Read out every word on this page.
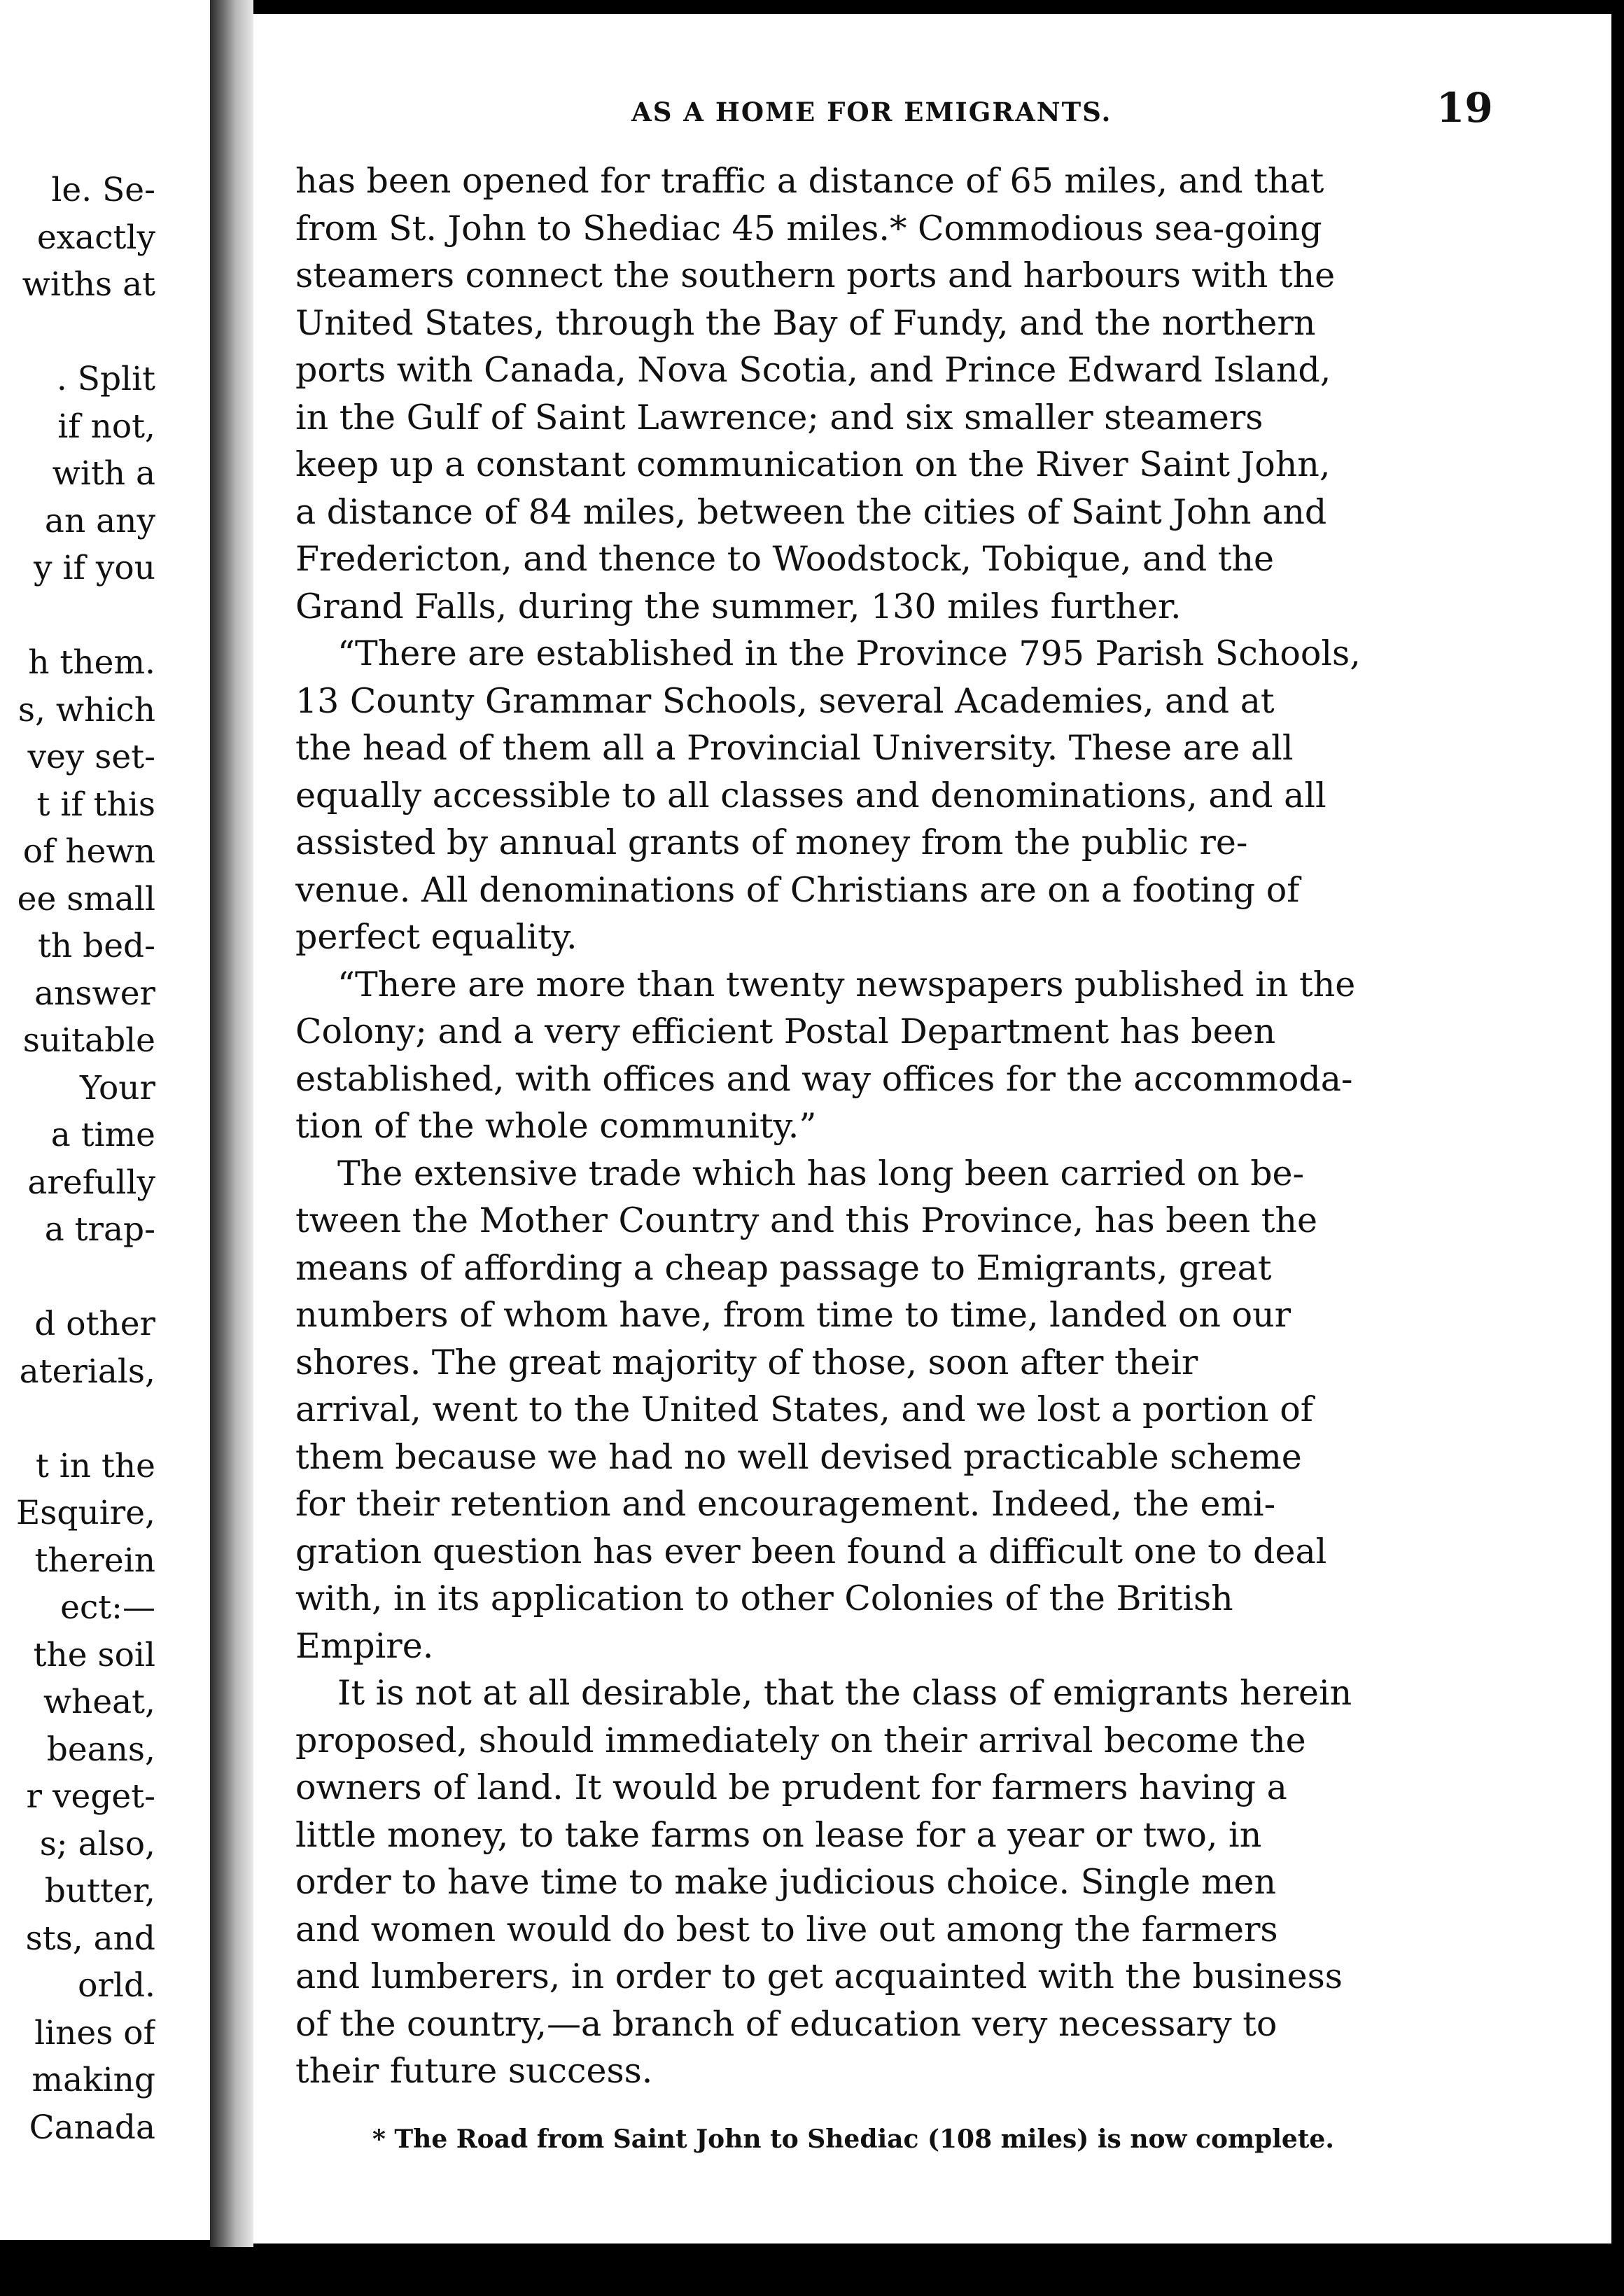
le. Se-
exactly
withs at
. Split
if not,
with a
an any
y if you
h them.
s, which
vey set-
t if this
of hewn
ee small
th bed-
answer
suitable
Your
a time
arefully
a trap-
d other
aterials,
t in the
Esquire,
therein
ect:—
the soil
wheat,
beans,
r veget-
s; also,
butter,
sts, and
orld.
lines of
making
Canada
AS A HOME FOR EMIGRANTS.	19
has been opened for traffic a distance of 65 miles, and that
from St. John to Shediac 45 miles.* Commodious sea-going
steamers connect the southern ports and harbours with the
United States, through the Bay of Fundy, and the northern
ports with Canada, Nova Scotia, and Prince Edward Island,
in the Gulf of Saint Lawrence; and six smaller steamers
keep up a constant communication on the River Saint John,
a distance of 84 miles, between the cities of Saint John and
Fredericton, and thence to Woodstock, Tobique, and the
Grand Falls, during the summer, 130 miles further.
“There are established in the Province 795 Parish Schools,
13 County Grammar Schools, several Academies, and at
the head of them all a Provincial University. These are all
equally accessible to all classes and denominations, and all
assisted by annual grants of money from the public re-
venue. All denominations of Christians are on a footing of
perfect equality.
“There are more than twenty newspapers published in the
Colony; and a very efficient Postal Department has been
established, with offices and way offices for the accommoda-
tion of the whole community.”
The extensive trade which has long been carried on be-
tween the Mother Country and this Province, has been the
means of affording a cheap passage to Emigrants, great
numbers of whom have, from time to time, landed on our
shores. The great majority of those, soon after their
arrival, went to the United States, and we lost a portion of
them because we had no well devised practicable scheme
for their retention and encouragement. Indeed, the emi-
gration question has ever been found a difficult one to deal
with, in its application to other Colonies of the British
Empire.
It is not at all desirable, that the class of emigrants herein
proposed, should immediately on their arrival become the
owners of land. It would be prudent for farmers having a
little money, to take farms on lease for a year or two, in
order to have time to make judicious choice. Single men
and women would do best to live out among the farmers
and lumberers, in order to get acquainted with the business
of the country,—a branch of education very necessary to
their future success.
* The Road from Saint John to Shediac (108 miles) is now complete.
